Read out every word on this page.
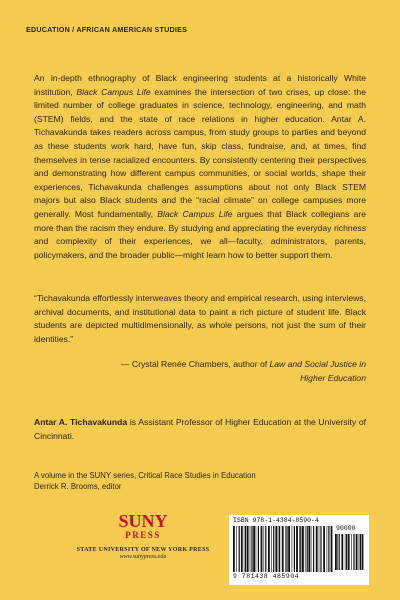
EDUCATION / AFRICAN AMERICAN STUDIES

An in-depth ethnography of Black engineering students at a historically White institution, Black Campus Life examines the intersection of two crises, up close: the limited number of college graduates in science, technology, engineering, and math (STEM) fields, and the state of race relations in higher education. Antar A. Tichavakunda takes readers across campus, from study groups to parties and beyond as these students work hard, have fun, skip class, fundraise, and, at times, find themselves in tense racialized encounters. By consistently centering their perspectives and demonstrating how different campus communities, or social worlds, shape their experiences, Tichavakunda challenges assumptions about not only Black STEM majors but also Black students and the “racial climate” on college campuses more generally. Most fundamentally, Black Campus Life argues that Black collegians are more than the racism they endure. By studying and appreciating the everyday richness and complexity of their experiences, we all—faculty, administrators, parents, policymakers, and the broader public—might learn how to better support them.

“Tichavakunda effortlessly interweaves theory and empirical research, using interviews, archival documents, and institutional data to paint a rich picture of student life. Black students are depicted multidimensionally, as whole persons, not just the sum of their identities.”

— Crystal Renée Chambers, author of Law and Social Justice in Higher Education

Antar A. Tichavakunda is Assistant Professor of Higher Education at the University of Cincinnati.

A volume in the SUNY series, Critical Race Studies in Education
Derrick R. Brooms, editor

SUNY
PRESS
STATE UNIVERSITY OF NEW YORK PRESS
www.sunypress.edu
ISBN 978-1-4384-8590-4
90000
9 781438 485904
